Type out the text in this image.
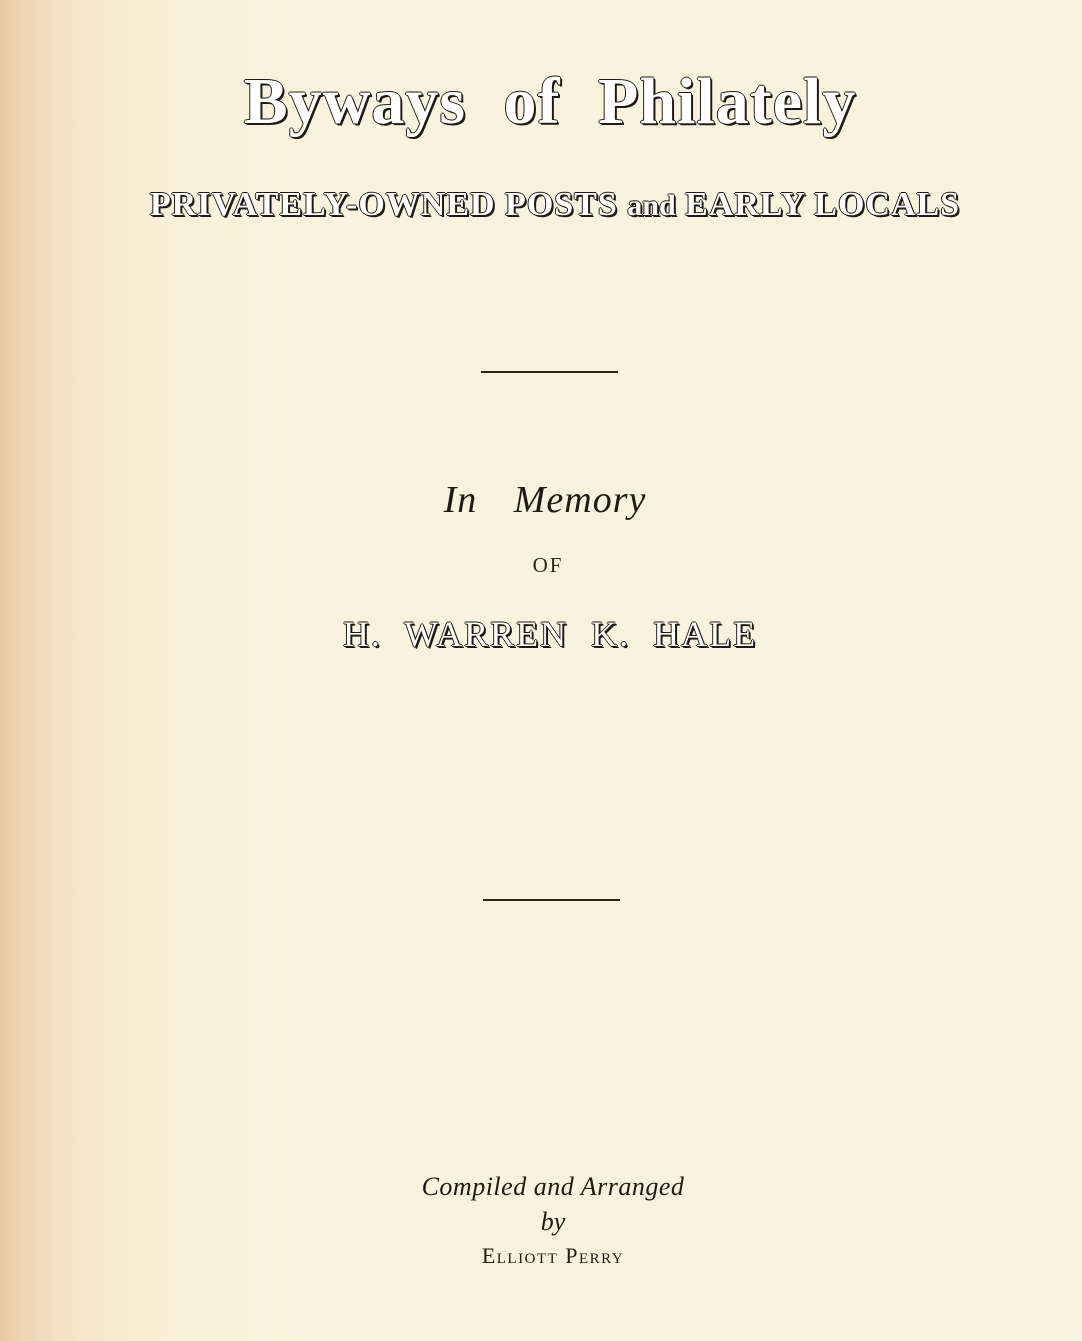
Byways of Philately
PRIVATELY-OWNED POSTS and EARLY LOCALS
In Memory
OF
H. WARREN K. HALE
Compiled and Arranged
by
Elliott Perry
